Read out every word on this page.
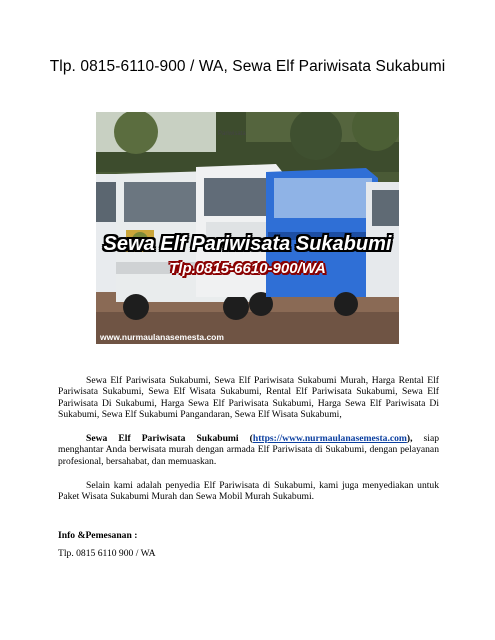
Tlp. 0815-6110-900 / WA, Sewa Elf Pariwisata Sukabumi
Pariwisata
Sewa Elf Pariwisata Sukabumi
Tlp.0815-6610-900/WA
www.nurmaulanasemesta.com
Sewa Elf Pariwisata Sukabumi, Sewa Elf Pariwisata Sukabumi Murah, Harga Rental Elf Pariwisata Sukabumi, Sewa Elf Wisata Sukabumi, Rental Elf Pariwisata Sukabumi, Sewa Elf Pariwisata Di Sukabumi, Harga Sewa Elf Pariwisata Sukabumi, Harga Sewa Elf Pariwisata Di Sukabumi, Sewa Elf Sukabumi Pangandaran, Sewa Elf Wisata Sukabumi,
Sewa Elf Pariwisata Sukabumi (https://www.nurmaulanasemesta.com), siap menghantar Anda berwisata murah dengan armada Elf Pariwisata di Sukabumi, dengan pelayanan profesional, bersahabat, dan memuaskan.
Selain kami adalah penyedia Elf Pariwisata di Sukabumi, kami juga menyediakan untuk Paket Wisata Sukabumi Murah dan Sewa Mobil Murah Sukabumi.
Info &Pemesanan :
Tlp. 0815 6110 900 / WA
